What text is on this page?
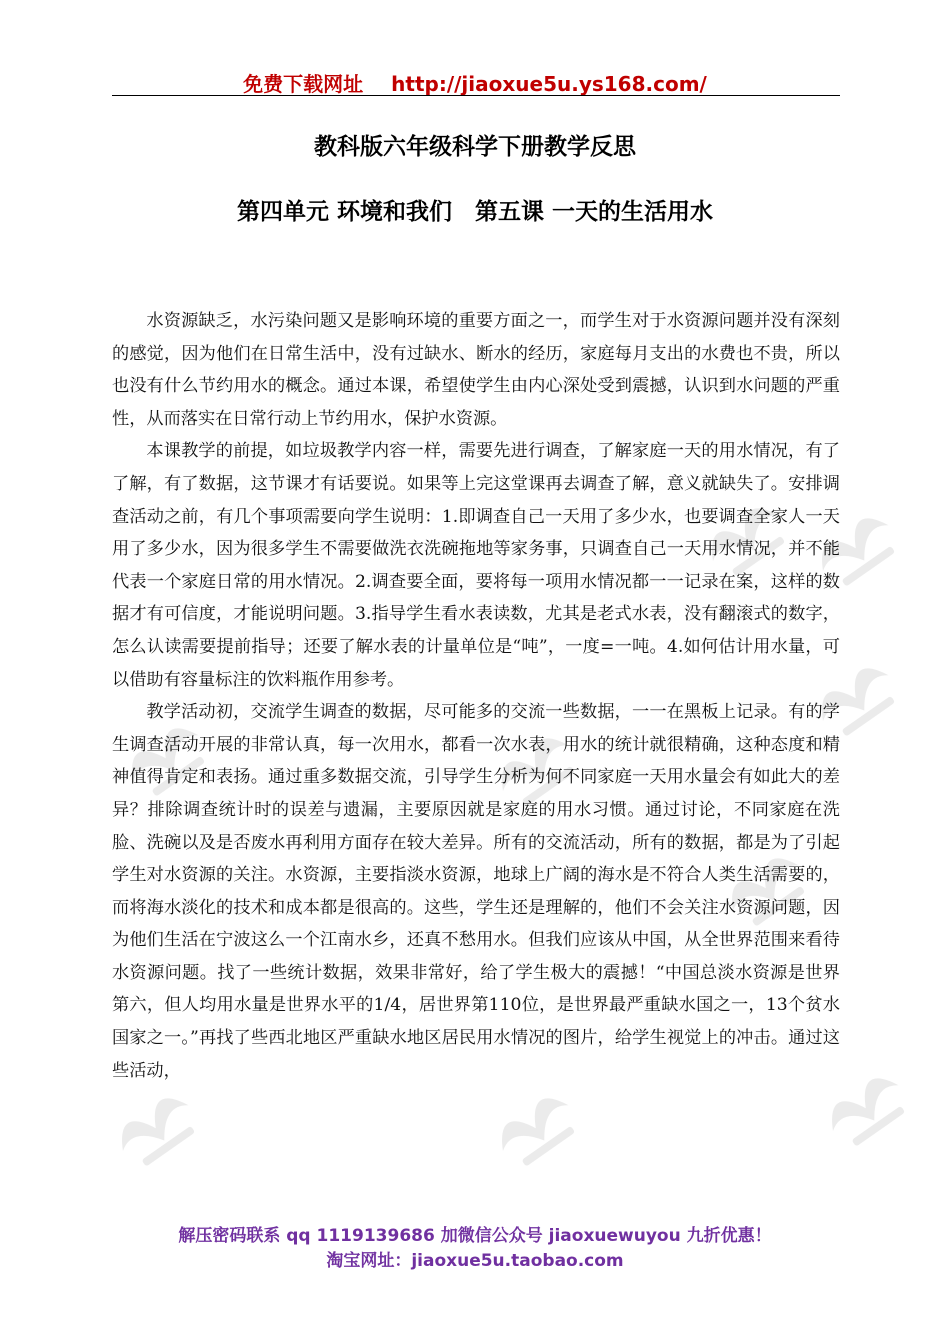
免费下载网址 http://jiaoxue5u.ys168.com/
教科版六年级科学下册教学反思
第四单元 环境和我们　第五课 一天的生活用水

水资源缺乏，水污染问题又是影响环境的重要方面之一，而学生对于水资源问题并没有深刻的感觉，因为他们在日常生活中，没有过缺水、断水的经历，家庭每月支出的水费也不贵，所以也没有什么节约用水的概念。通过本课，希望使学生由内心深处受到震撼，认识到水问题的严重性，从而落实在日常行动上节约用水，保护水资源。

本课教学的前提，如垃圾教学内容一样，需要先进行调查，了解家庭一天的用水情况，有了了解，有了数据，这节课才有话要说。如果等上完这堂课再去调查了解，意义就缺失了。安排调查活动之前，有几个事项需要向学生说明：1.即调查自己一天用了多少水，也要调查全家人一天用了多少水，因为很多学生不需要做洗衣洗碗拖地等家务事，只调查自己一天用水情况，并不能代表一个家庭日常的用水情况。2.调查要全面，要将每一项用水情况都一一记录在案，这样的数据才有可信度，才能说明问题。3.指导学生看水表读数，尤其是老式水表，没有翻滚式的数字，怎么认读需要提前指导；还要了解水表的计量单位是“吨”，一度=一吨。4.如何估计用水量，可以借助有容量标注的饮料瓶作用参考。

教学活动初，交流学生调查的数据，尽可能多的交流一些数据，一一在黑板上记录。有的学生调查活动开展的非常认真，每一次用水，都看一次水表，用水的统计就很精确，这种态度和精神值得肯定和表扬。通过重多数据交流，引导学生分析为何不同家庭一天用水量会有如此大的差异？排除调查统计时的误差与遗漏，主要原因就是家庭的用水习惯。通过讨论，不同家庭在洗脸、洗碗以及是否废水再利用方面存在较大差异。所有的交流活动，所有的数据，都是为了引起学生对水资源的关注。水资源，主要指淡水资源，地球上广阔的海水是不符合人类生活需要的，而将海水淡化的技术和成本都是很高的。这些，学生还是理解的，他们不会关注水资源问题，因为他们生活在宁波这么一个江南水乡，还真不愁用水。但我们应该从中国，从全世界范围来看待水资源问题。找了一些统计数据，效果非常好，给了学生极大的震撼！“中国总淡水资源是世界第六，但人均用水量是世界水平的1/4，居世界第110位，是世界最严重缺水国之一，13个贫水国家之一。”再找了些西北地区严重缺水地区居民用水情况的图片，给学生视觉上的冲击。通过这些活动，

解压密码联系 qq 1119139686 加微信公众号 jiaoxuewuyou 九折优惠！
淘宝网址：jiaoxue5u.taobao.com
